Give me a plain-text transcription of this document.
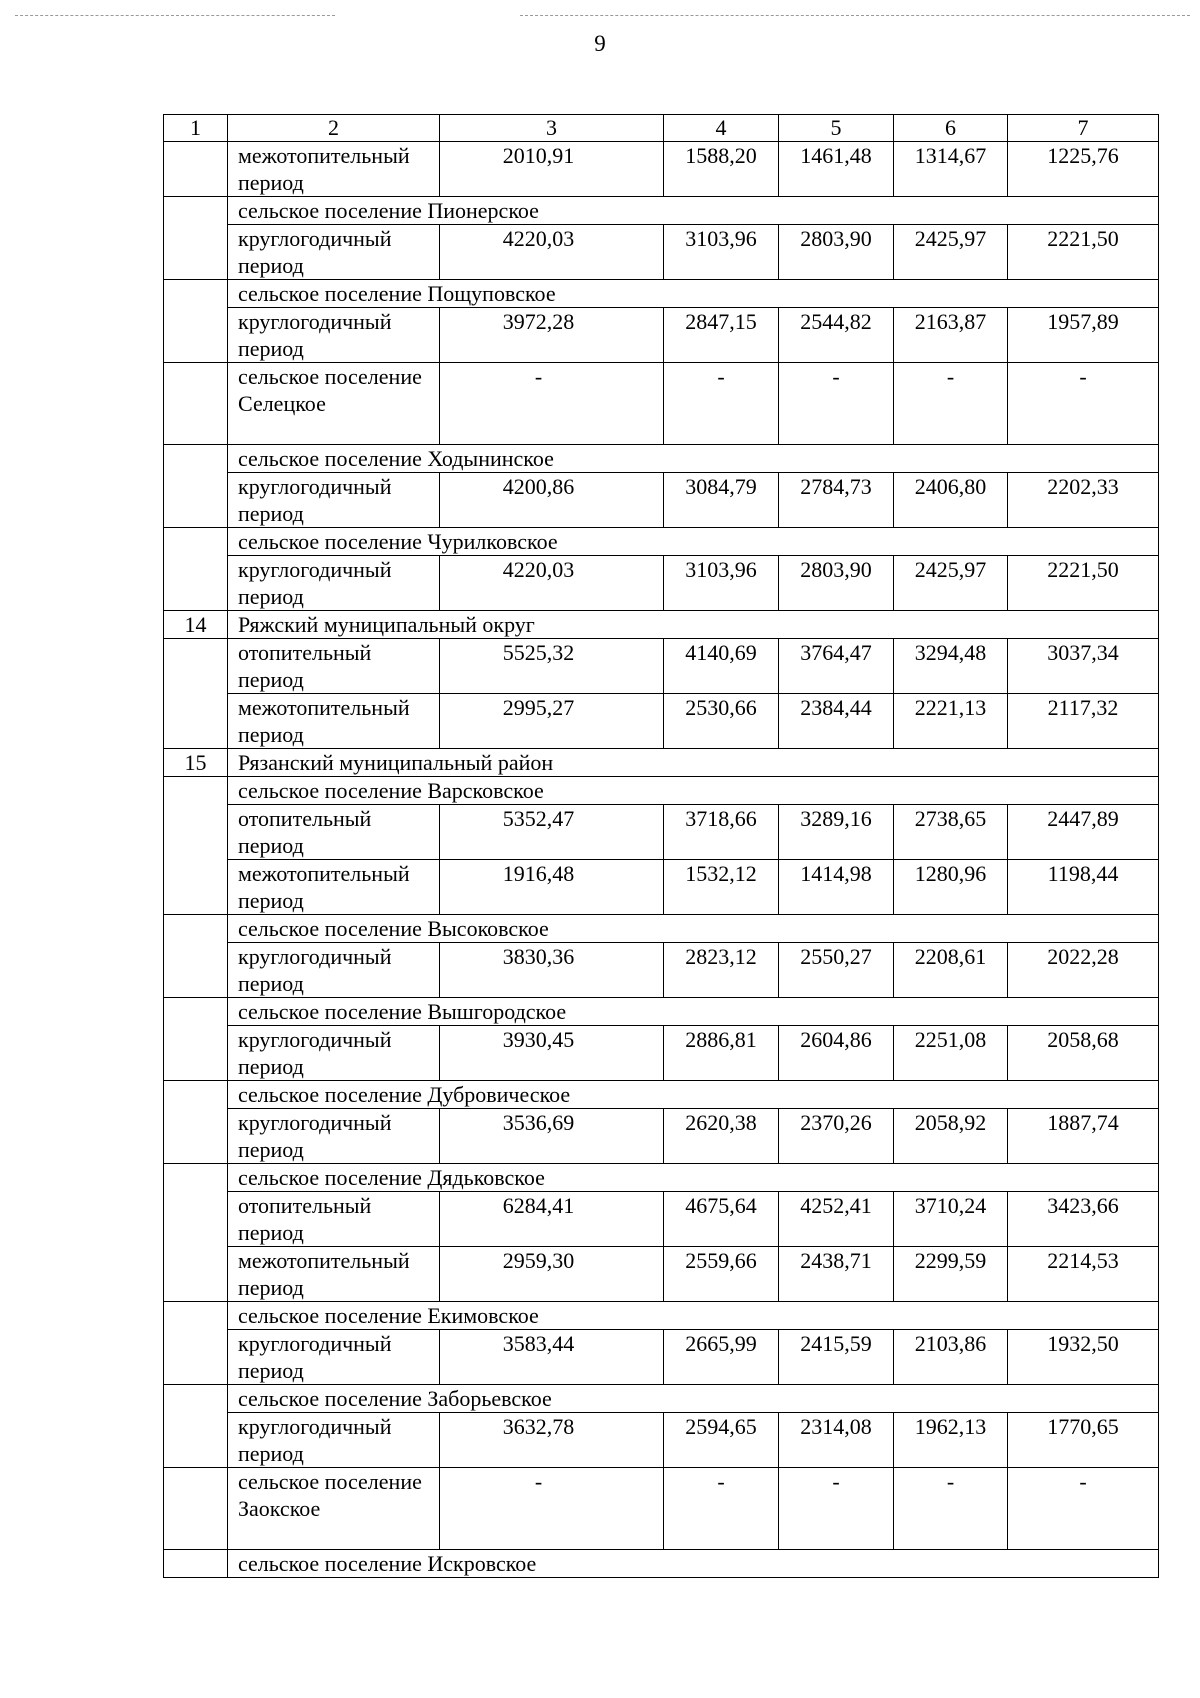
9
1	2	3	4	5	6	7
	межотопительный период	2010,91	1588,20	1461,48	1314,67	1225,76
	сельское поселение Пионерское					
	круглогодичный период	4220,03	3103,96	2803,90	2425,97	2221,50
	сельское поселение Пощуповское					
	круглогодичный период	3972,28	2847,15	2544,82	2163,87	1957,89
	сельское поселение Селецкое	-	-	-	-	-
	сельское поселение Ходынинское					
	круглогодичный период	4200,86	3084,79	2784,73	2406,80	2202,33
	сельское поселение Чурилковское					
	круглогодичный период	4220,03	3103,96	2803,90	2425,97	2221,50
14	Ряжский муниципальный округ					
	отопительный период	5525,32	4140,69	3764,47	3294,48	3037,34
	межотопительный период	2995,27	2530,66	2384,44	2221,13	2117,32
15	Рязанский муниципальный район					
	сельское поселение Варсковское					
	отопительный период	5352,47	3718,66	3289,16	2738,65	2447,89
	межотопительный период	1916,48	1532,12	1414,98	1280,96	1198,44
	сельское поселение Высоковское					
	круглогодичный период	3830,36	2823,12	2550,27	2208,61	2022,28
	сельское поселение Вышгородское					
	круглогодичный период	3930,45	2886,81	2604,86	2251,08	2058,68
	сельское поселение Дубровическое					
	круглогодичный период	3536,69	2620,38	2370,26	2058,92	1887,74
	сельское поселение Дядьковское					
	отопительный период	6284,41	4675,64	4252,41	3710,24	3423,66
	межотопительный период	2959,30	2559,66	2438,71	2299,59	2214,53
	сельское поселение Екимовское					
	круглогодичный период	3583,44	2665,99	2415,59	2103,86	1932,50
	сельское поселение Заборьевское					
	круглогодичный период	3632,78	2594,65	2314,08	1962,13	1770,65
	сельское поселение Заокское	-	-	-	-	-
	сельское поселение Искровское					
